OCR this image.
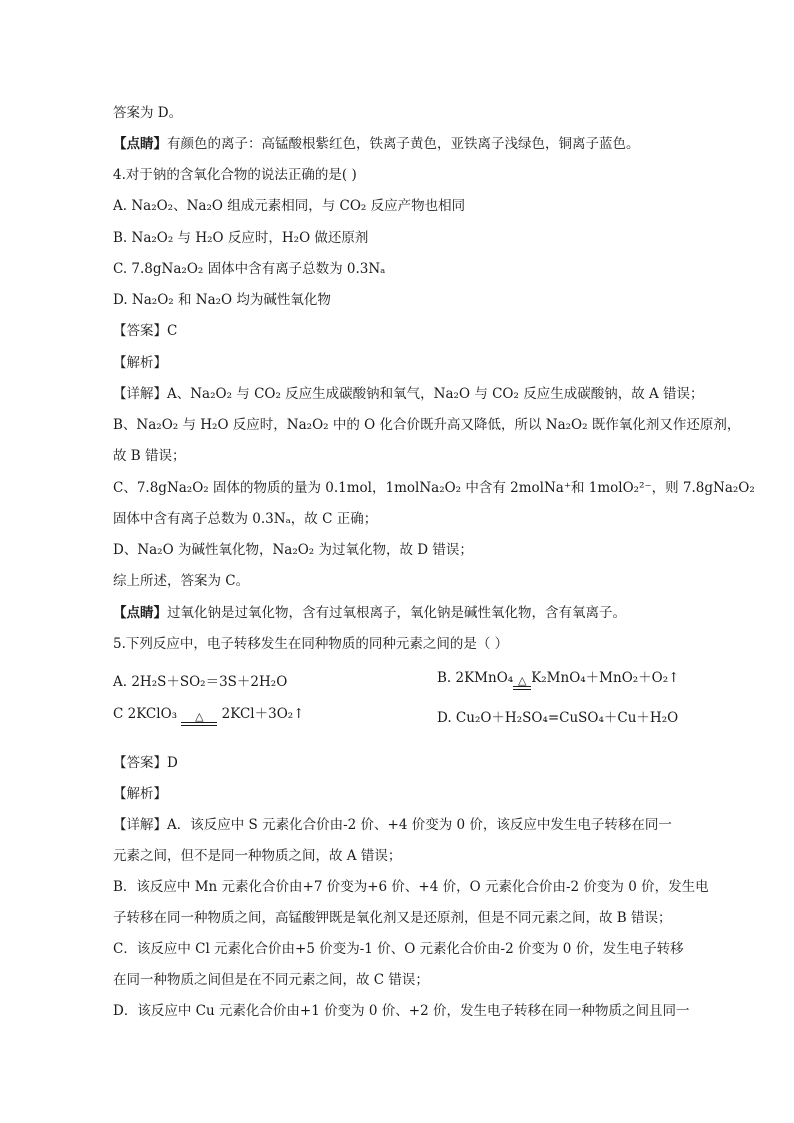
答案为 D。
【点睛】有颜色的离子：高锰酸根紫红色，铁离子黄色，亚铁离子浅绿色，铜离子蓝色。
4.对于钠的含氧化合物的说法正确的是( )
A. Na₂O₂、Na₂O 组成元素相同，与 CO₂ 反应产物也相同
B. Na₂O₂ 与 H₂O 反应时，H₂O 做还原剂
C. 7.8gNa₂O₂ 固体中含有离子总数为 0.3Nₐ
D. Na₂O₂ 和 Na₂O 均为碱性氧化物
【答案】C
【解析】
【详解】A、Na₂O₂ 与 CO₂ 反应生成碳酸钠和氧气，Na₂O 与 CO₂ 反应生成碳酸钠，故 A 错误；
B、Na₂O₂ 与 H₂O 反应时，Na₂O₂ 中的 O 化合价既升高又降低，所以 Na₂O₂ 既作氧化剂又作还原剂，
故 B 错误；
C、7.8gNa₂O₂ 固体的物质的量为 0.1mol，1molNa₂O₂ 中含有 2molNa⁺和 1molO₂²⁻，则 7.8gNa₂O₂
固体中含有离子总数为 0.3Nₐ，故 C 正确；
D、Na₂O 为碱性氧化物，Na₂O₂ 为过氧化物，故 D 错误；
综上所述，答案为 C。
【点睛】过氧化钠是过氧化物，含有过氧根离子，氧化钠是碱性氧化物，含有氧离子。
5.下列反应中，电子转移发生在同种物质的同种元素之间的是（ ）
A. 2H₂S＋SO₂＝3S＋2H₂O	B. 2KMnO₄ △ K₂MnO₄＋MnO₂＋O₂↑
C 2KClO₃	△	2KCl＋3O₂↑	D. Cu₂O＋H₂SO₄=CuSO₄＋Cu＋H₂O
【答案】D
【解析】
【详解】A．该反应中 S 元素化合价由-2 价、+4 价变为 0 价，该反应中发生电子转移在同一
元素之间，但不是同一种物质之间，故 A 错误；
B．该反应中 Mn 元素化合价由+7 价变为+6 价、+4 价，O 元素化合价由-2 价变为 0 价，发生电
子转移在同一种物质之间，高锰酸钾既是氧化剂又是还原剂，但是不同元素之间，故 B 错误；
C．该反应中 Cl 元素化合价由+5 价变为-1 价、O 元素化合价由-2 价变为 0 价，发生电子转移
在同一种物质之间但是在不同元素之间，故 C 错误；
D．该反应中 Cu 元素化合价由+1 价变为 0 价、+2 价，发生电子转移在同一种物质之间且同一
